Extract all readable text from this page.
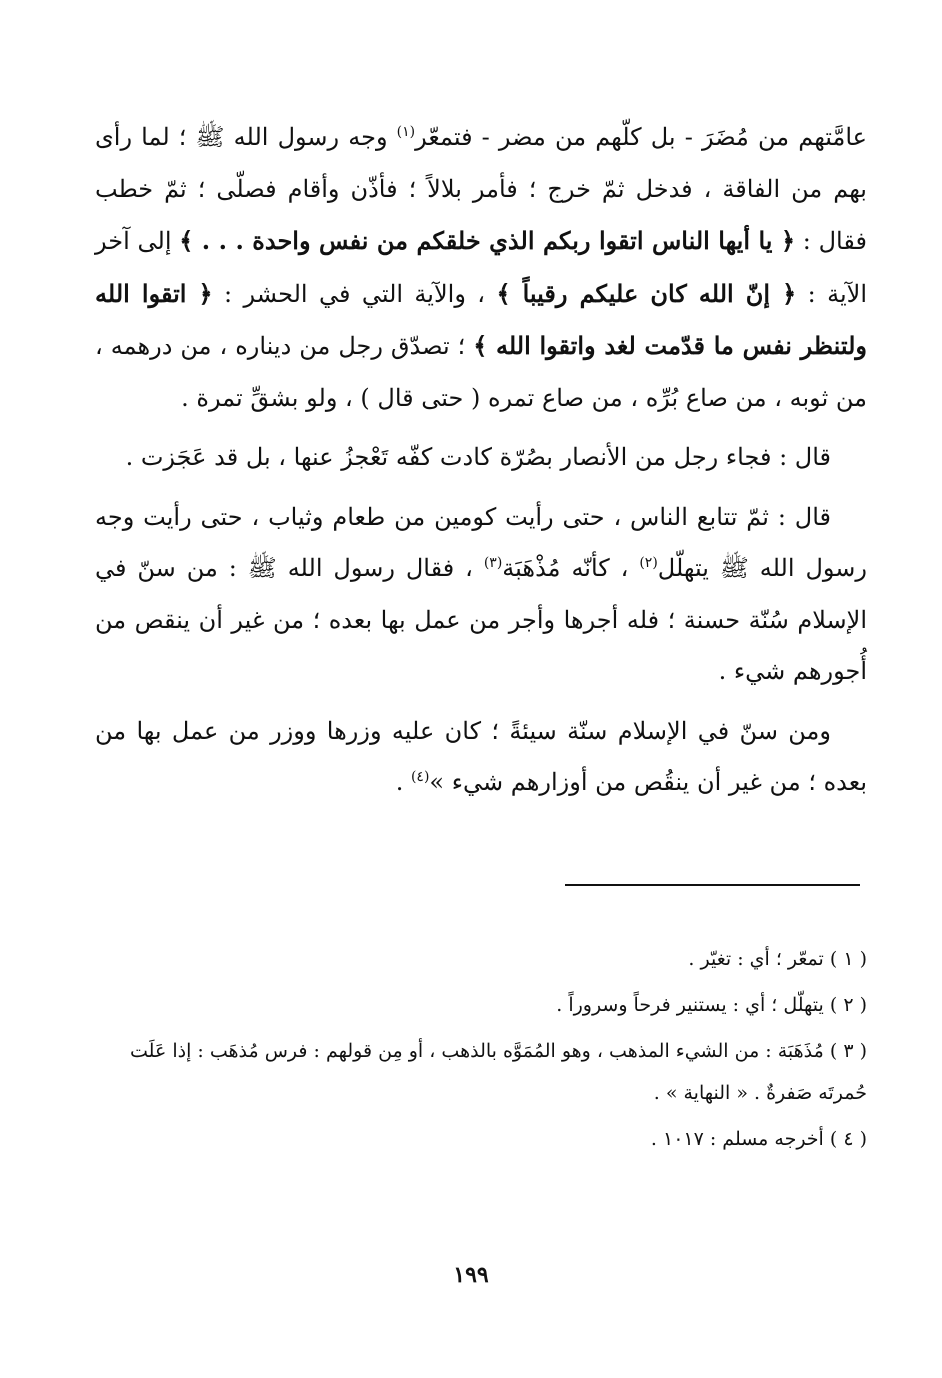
عامَّتهم من مُضَرَ - بل كلّهم من مضر - فتمعّر$^{(١)}$ وجه رسول الله ﷺ ؛ لما رأى بهم من الفاقة ، فدخل ثمّ خرج ؛ فأمر بلالاً ؛ فأذّن وأقام فصلّى ؛ ثمّ خطب فقال : ﴿ يا أيها الناس اتقوا ربكم الذي خلقكم من نفس واحدة . . . ﴾ إلى آخر الآية : ﴿ إنّ الله كان عليكم رقيباً ﴾ ، والآية التي في الحشر : ﴿ اتقوا الله ولتنظر نفس ما قدّمت لغد واتقوا الله ﴾ ؛ تصدّق رجل من ديناره ، من درهمه ، من ثوبه ، من صاع بُرِّه ، من صاع تمره ( حتى قال ) ، ولو بشقِّ تمرة .

قال : فجاء رجل من الأنصار بصُرّة كادت كفّه تَعْجزُ عنها ، بل قد عَجَزت .

قال : ثمّ تتابع الناس ، حتى رأيت كومين من طعام وثياب ، حتى رأيت وجه رسول الله ﷺ يتهلّل$^{(٢)}$ ، كأنّه مُذْهَبَة$^{(٣)}$ ، فقال رسول الله ﷺ : من سنّ في الإسلام سُنّة حسنة ؛ فله أجرها وأجر من عمل بها بعده ؛ من غير أن ينقص من أُجورهم شيء .

ومن سنّ في الإسلام سنّة سيئةً ؛ كان عليه وزرها ووزر من عمل بها من بعده ؛ من غير أن ينقُص من أوزارهم شيء »$^{(٤)}$ .

( ١ ) تمعّر ؛ أي : تغيّر .

( ٢ ) يتهلّل ؛ أي : يستنير فرحاً وسروراً .

( ٣ ) مُذَهَبَة : من الشيء المذهب ، وهو المُمَوَّه بالذهب ، أو مِن قولهم : فرس مُذهَب : إذا عَلَت حُمرتَه صَفرةٌ . « النهاية » .

( ٤ ) أخرجه مسلم : ١٠١٧ .

١٩٩
